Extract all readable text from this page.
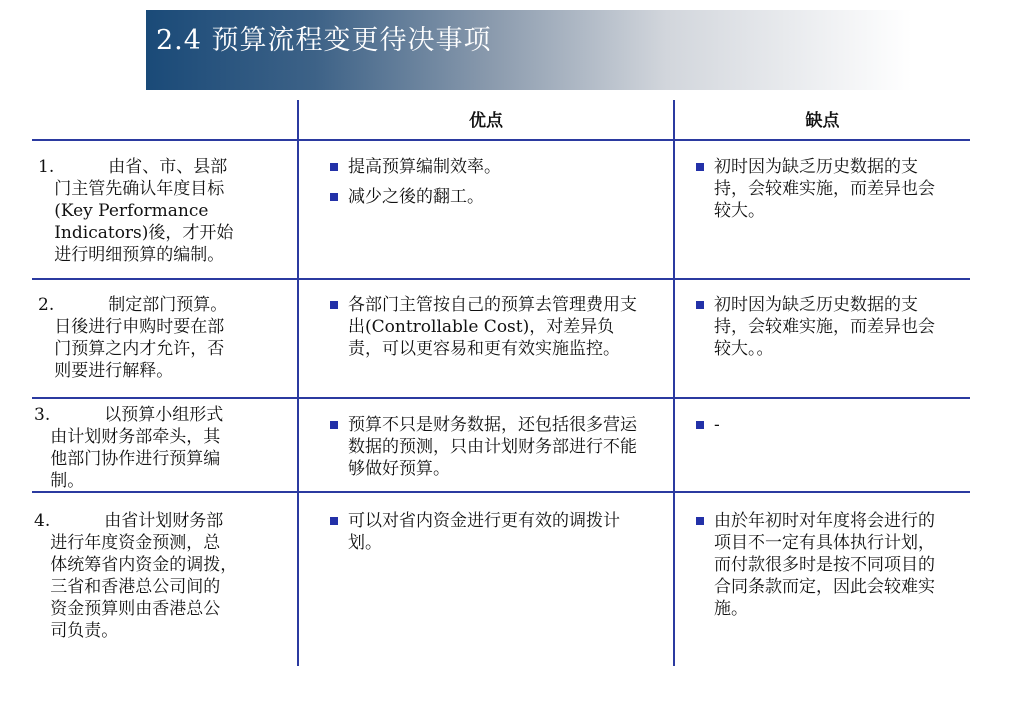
2.4 预算流程变更待决事项
优点	缺点
1.          由省、市、县部
门主管先确认年度目标
(Key Performance
Indicators)後，才开始
进行明细预算的编制。
提高预算编制效率。
减少之後的翻工。
初时因为缺乏历史数据的支持，会较难实施，而差异也会较大。
2.          制定部门预算。
日後进行申购时要在部
门预算之内才允许，否
则要进行解释。
各部门主管按自己的预算去管理费用支出(Controllable Cost)，对差异负责，可以更容易和更有效实施监控。
初时因为缺乏历史数据的支持，会较难实施，而差异也会较大。。
3.          以预算小组形式
由计划财务部牵头，其
他部门协作进行预算编
制。
预算不只是财务数据，还包括很多营运数据的预测，只由计划财务部进行不能够做好预算。
-
4.          由省计划财务部
进行年度资金预测，总
体统筹省内资金的调拨，
三省和香港总公司间的
资金预算则由香港总公
司负责。
可以对省内资金进行更有效的调拨计划。
由於年初时对年度将会进行的项目不一定有具体执行计划，而付款很多时是按不同项目的合同条款而定，因此会较难实施。
